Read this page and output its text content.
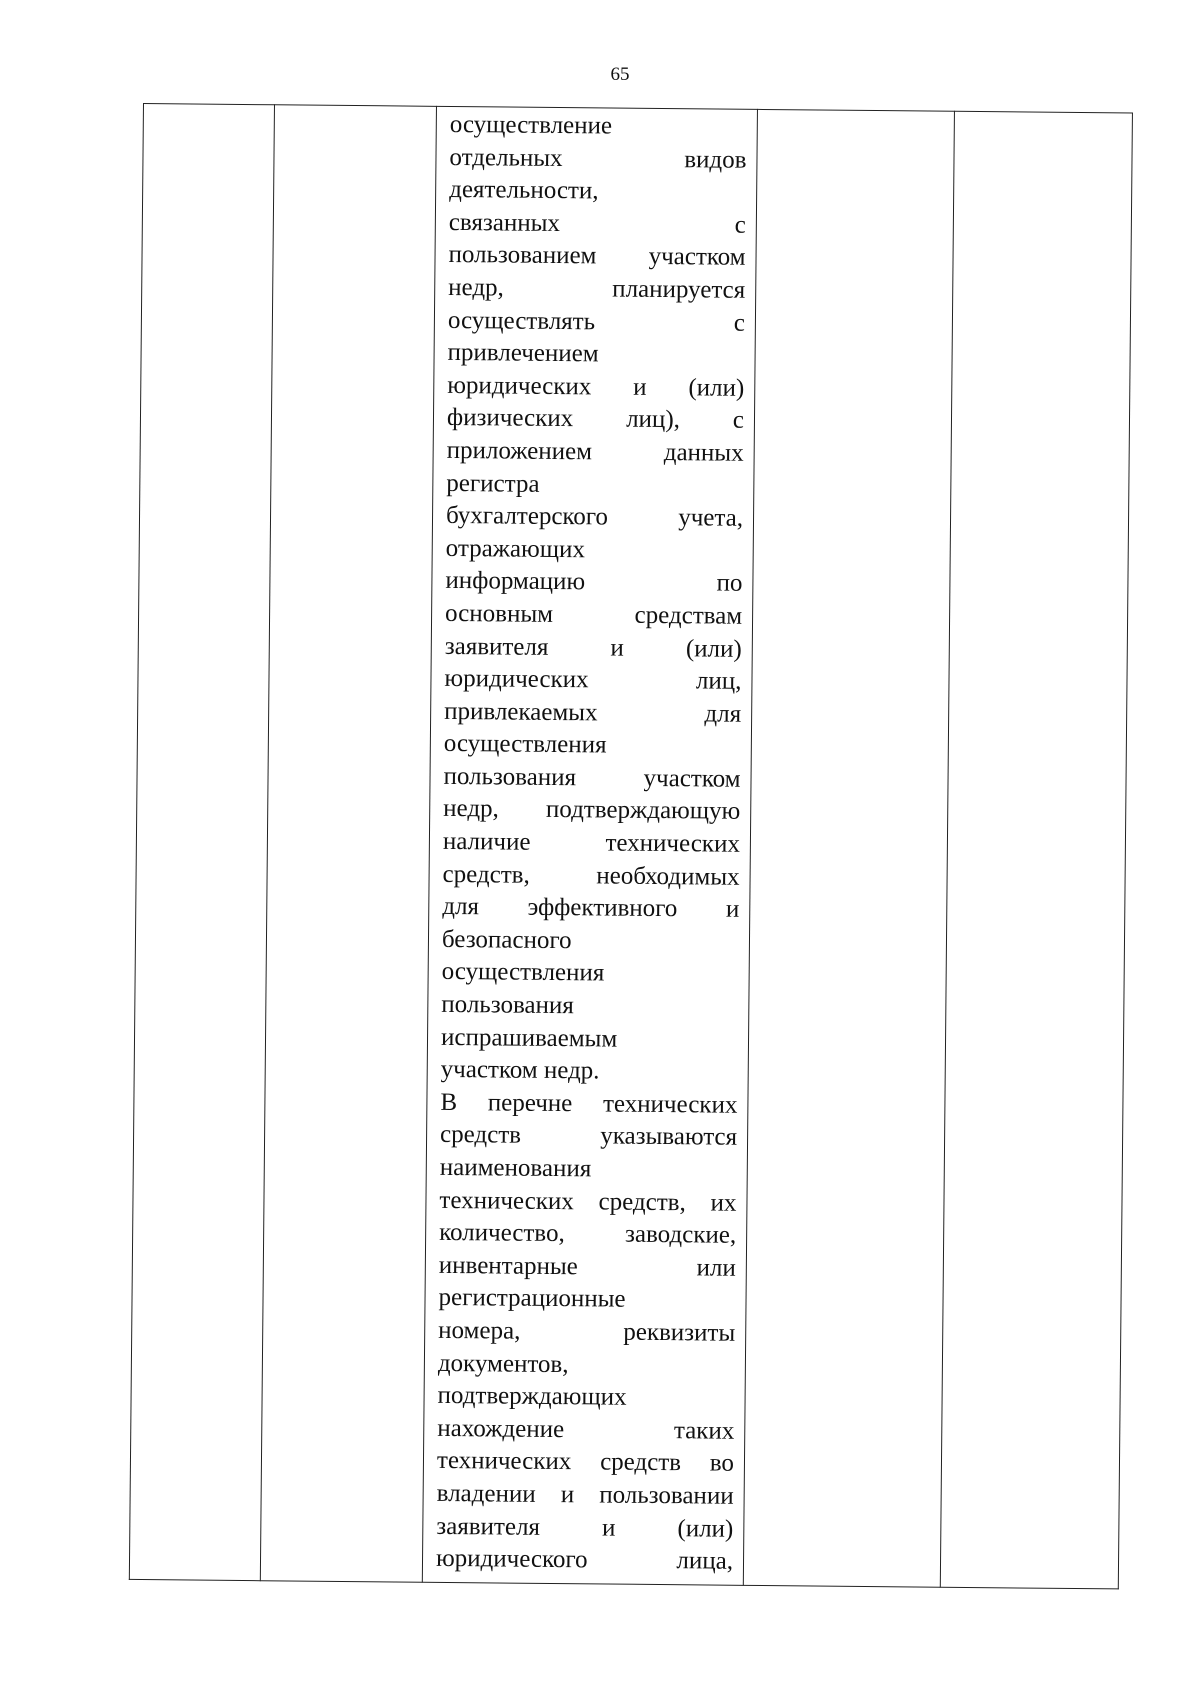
65

осуществление
отдельных видов
деятельности,
связанных с
пользованием участком
недр, планируется
осуществлять с
привлечением
юридических и (или)
физических лиц), с
приложением данных
регистра
бухгалтерского учета,
отражающих
информацию по
основным средствам
заявителя и (или)
юридических лиц,
привлекаемых для
осуществления
пользования участком
недр, подтверждающую
наличие технических
средств, необходимых
для эффективного и
безопасного
осуществления
пользования
испрашиваемым
участком недр.
В перечне технических
средств указываются
наименования
технических средств, их
количество, заводские,
инвентарные или
регистрационные
номера, реквизиты
документов,
подтверждающих
нахождение таких
технических средств во
владении и пользовании
заявителя и (или)
юридического лица,
